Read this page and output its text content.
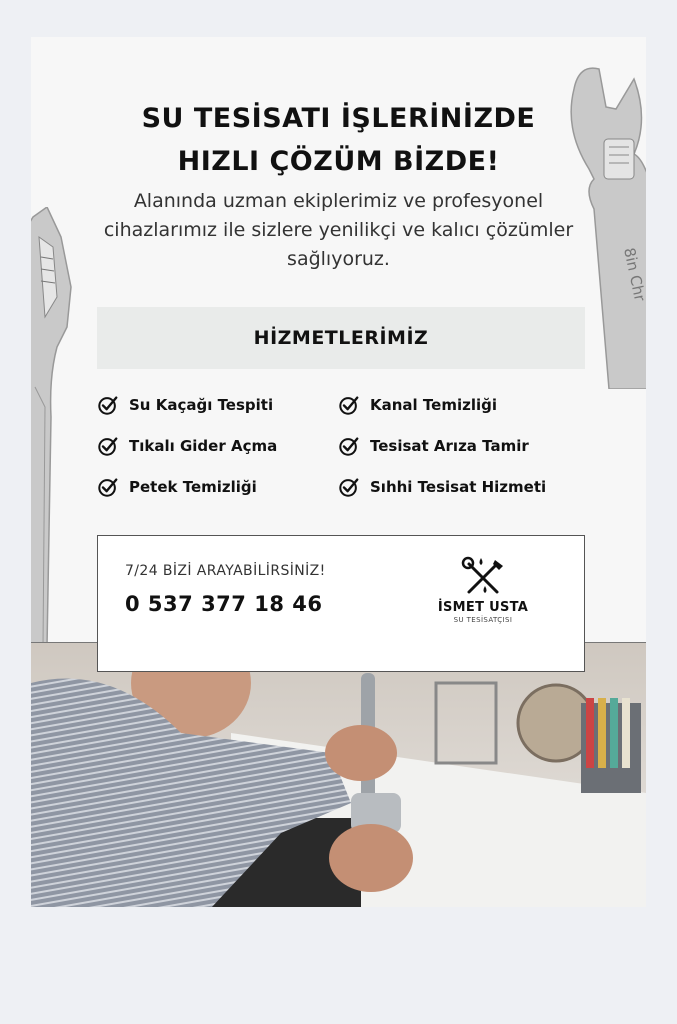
8in Chr
SU TESİSATI İŞLERİNİZDE
HIZLI ÇÖZÜM BİZDE!

Alanında uzman ekiplerimiz ve profesyonel cihazlarımız ile sizlere yenilikçi ve kalıcı çözümler sağlıyoruz.

HİZMETLERİMİZ
Su Kaçağı Tespiti	Kanal Temizliği
Tıkalı Gider Açma	Tesisat Arıza Tamir
Petek Temizliği	Sıhhi Tesisat Hizmeti
7/24 BİZİ ARAYABİLİRSİNİZ!
0 537 377 18 46	İSMET USTA
SU TESİSATÇISI
